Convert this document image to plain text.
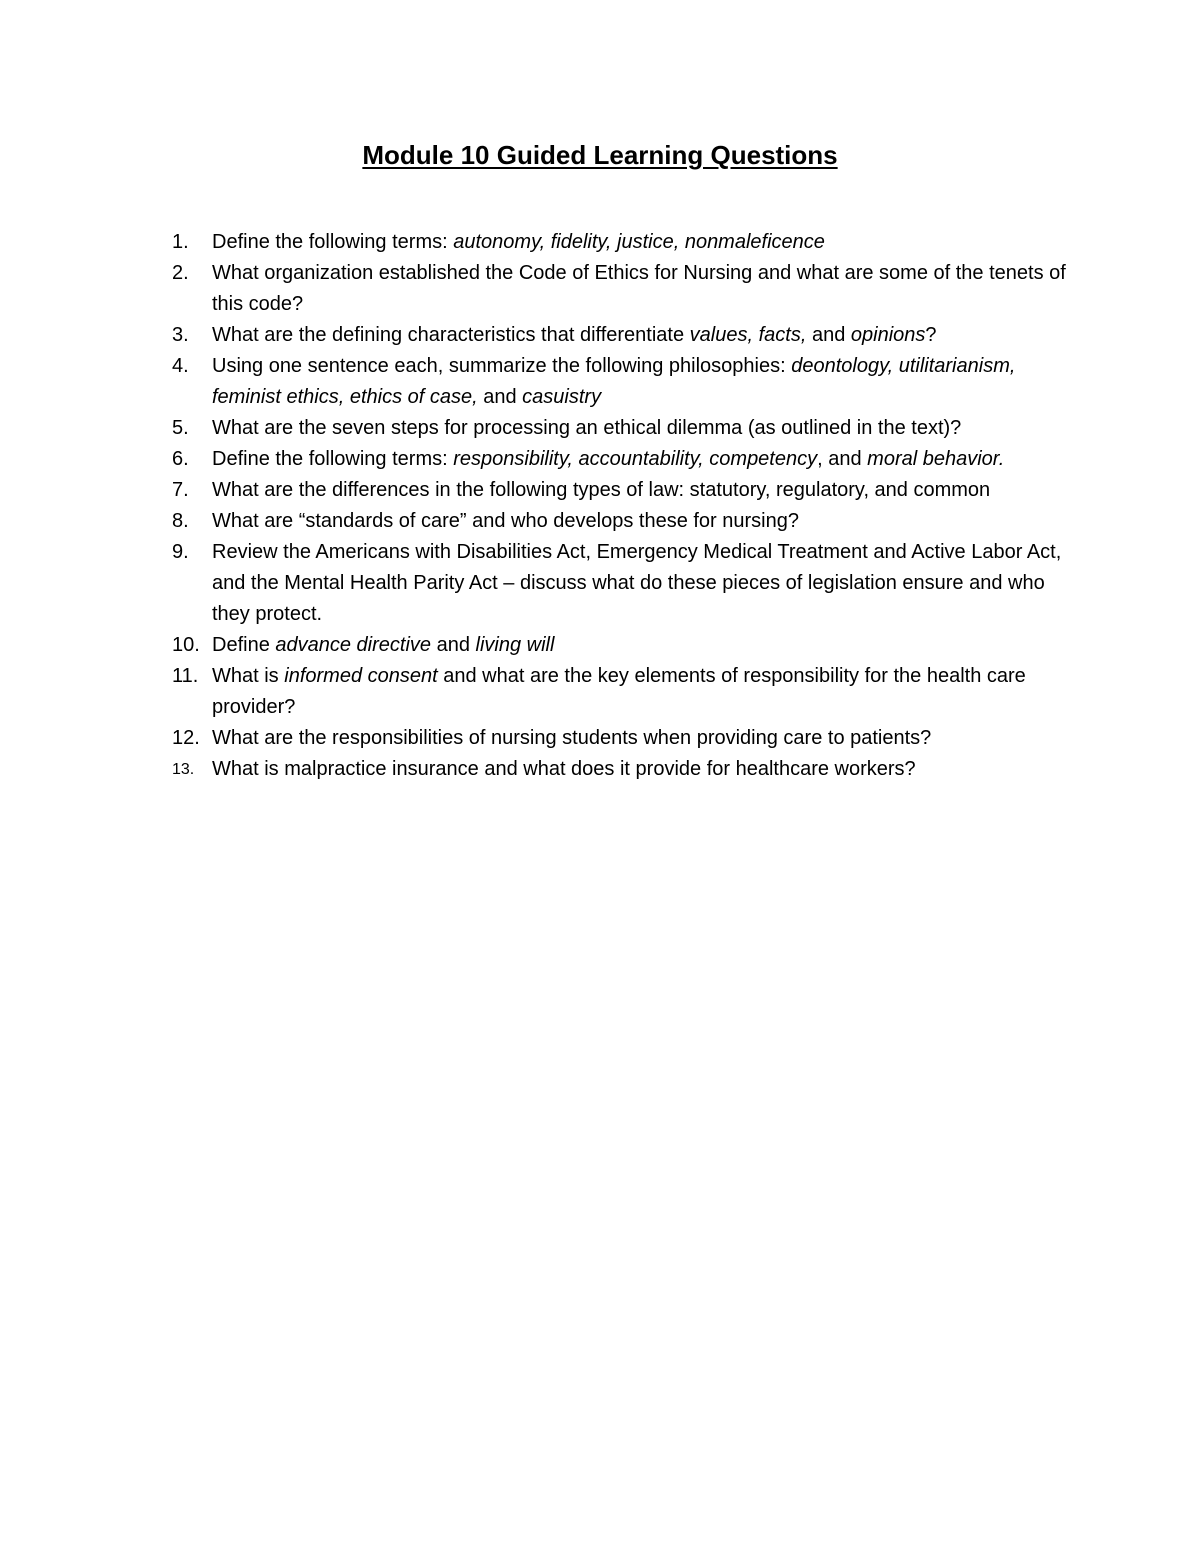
Module 10 Guided Learning Questions
1.	Define the following terms: autonomy, fidelity, justice, nonmaleficence
2.	What organization established the Code of Ethics for Nursing and what are some of the tenets of this code?
3.	What are the defining characteristics that differentiate values, facts, and opinions?
4.	Using one sentence each, summarize the following philosophies: deontology, utilitarianism, feminist ethics, ethics of case, and casuistry
5.	What are the seven steps for processing an ethical dilemma (as outlined in the text)?
6.	Define the following terms: responsibility, accountability, competency, and moral behavior.
7.	What are the differences in the following types of law: statutory, regulatory, and common
8.	What are “standards of care” and who develops these for nursing?
9.	Review the Americans with Disabilities Act, Emergency Medical Treatment and Active Labor Act, and the Mental Health Parity Act – discuss what do these pieces of legislation ensure and who they protect.
10. Define advance directive and living will
11. What is informed consent and what are the key elements of responsibility for the health care provider?
12. What are the responsibilities of nursing students when providing care to patients?
13. What is malpractice insurance and what does it provide for healthcare workers?
